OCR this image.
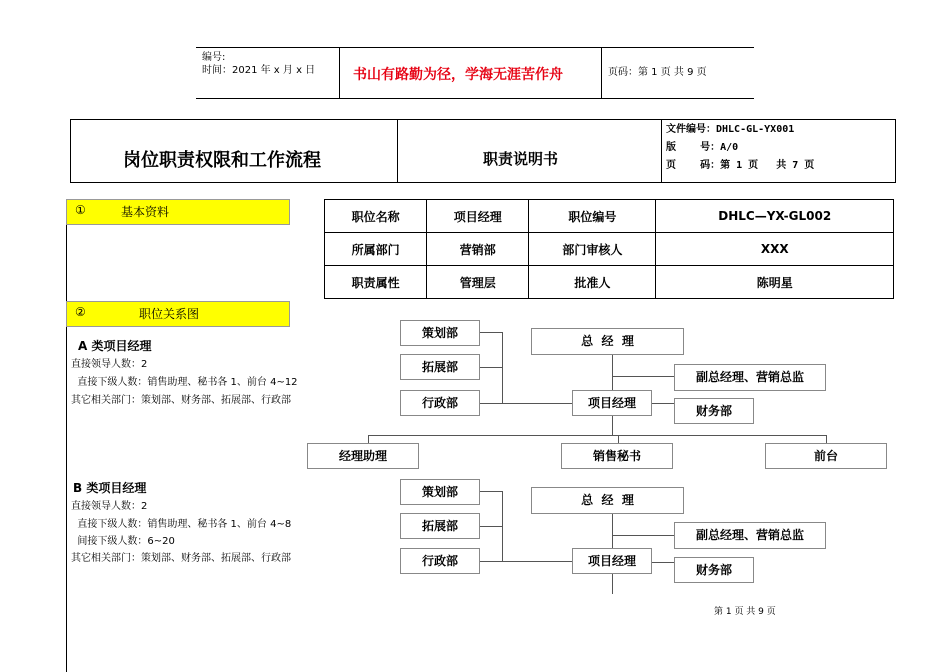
编号:
时间：2021 年 x 月 x 日	书山有路勤为径，学海无涯苦作舟	页码：第 1 页 共 9 页
岗位职责权限和工作流程	职责说明书
文件编号：DHLC-GL-YX001
版    号：A/0
页    码：第 1 页   共 7 页
①	基本资料
②	职位关系图
职位名称	项目经理	职位编号	DHLC—YX-GL002
所属部门	营销部	部门审核人	XXX
职责属性	管理层	批准人	陈明星
A 类项目经理
直接领导人数：2
直接下级人数：销售助理、秘书各 1、前台 4~12
其它相关部门：策划部、财务部、拓展部、行政部
B 类项目经理
直接领导人数：2
直接下级人数：销售助理、秘书各 1、前台 4~8
间接下级人数：6~20
其它相关部门：策划部、财务部、拓展部、行政部
策划部
拓展部
行政部
总  经  理
副总经理、营销总监
项目经理
财务部
经理助理	销售秘书	前台
策划部
拓展部
行政部
总  经  理
副总经理、营销总监
项目经理
财务部
第 1 页 共 9 页
